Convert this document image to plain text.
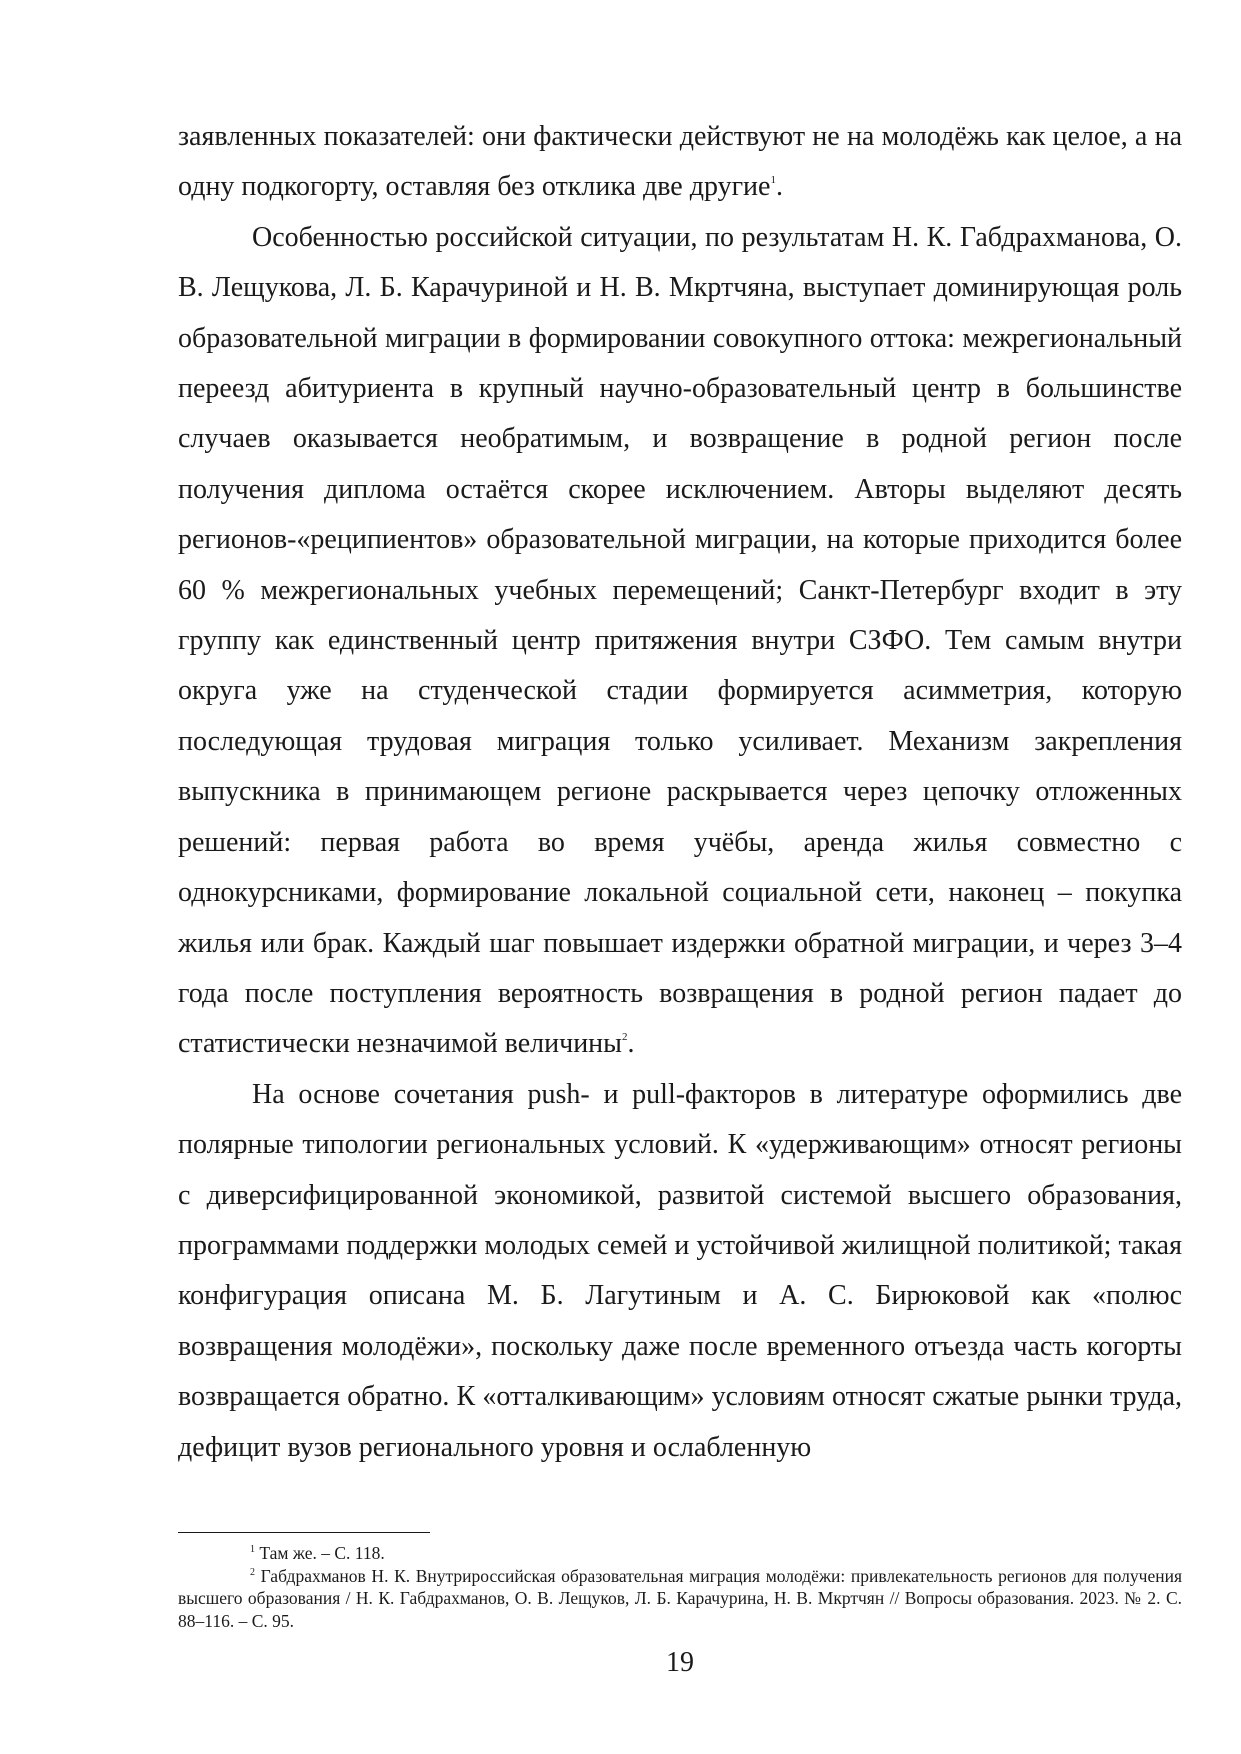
заявленных показателей: они фактически действуют не на молодёжь как целое, а на одну подкогорту, оставляя без отклика две другие$^1$.

Особенностью российской ситуации, по результатам Н. К. Габдрахманова, О. В. Лещукова, Л. Б. Карачуриной и Н. В. Мкртчяна, выступает доминирующая роль образовательной миграции в формировании совокупного оттока: межрегиональный переезд абитуриента в крупный научно-образовательный центр в большинстве случаев оказывается необратимым, и возвращение в родной регион после получения диплома остаётся скорее исключением. Авторы выделяют десять регионов-«реципиентов» образовательной миграции, на которые приходится более 60 % межрегиональных учебных перемещений; Санкт-Петербург входит в эту группу как единственный центр притяжения внутри СЗФО. Тем самым внутри округа уже на студенческой стадии формируется асимметрия, которую последующая трудовая миграция только усиливает. Механизм закрепления выпускника в принимающем регионе раскрывается через цепочку отложенных решений: первая работа во время учёбы, аренда жилья совместно с однокурсниками, формирование локальной социальной сети, наконец – покупка жилья или брак. Каждый шаг повышает издержки обратной миграции, и через 3–4 года после поступления вероятность возвращения в родной регион падает до статистически незначимой величины$^2$.

На основе сочетания push- и pull-факторов в литературе оформились две полярные типологии региональных условий. К «удерживающим» относят регионы с диверсифицированной экономикой, развитой системой высшего образования, программами поддержки молодых семей и устойчивой жилищной политикой; такая конфигурация описана М. Б. Лагутиным и А. С. Бирюковой как «полюс возвращения молодёжи», поскольку даже после временного отъезда часть когорты возвращается обратно. К «отталкивающим» условиям относят сжатые рынки труда, дефицит вузов регионального уровня и ослабленную

$^1$ Там же. – С. 118.

$^2$ Габдрахманов Н. К. Внутрироссийская образовательная миграция молодёжи: привлекательность регионов для получения высшего образования / Н. К. Габдрахманов, О. В. Лещуков, Л. Б. Карачурина, Н. В. Мкртчян // Вопросы образования. 2023. № 2. С. 88–116. – С. 95.

19
